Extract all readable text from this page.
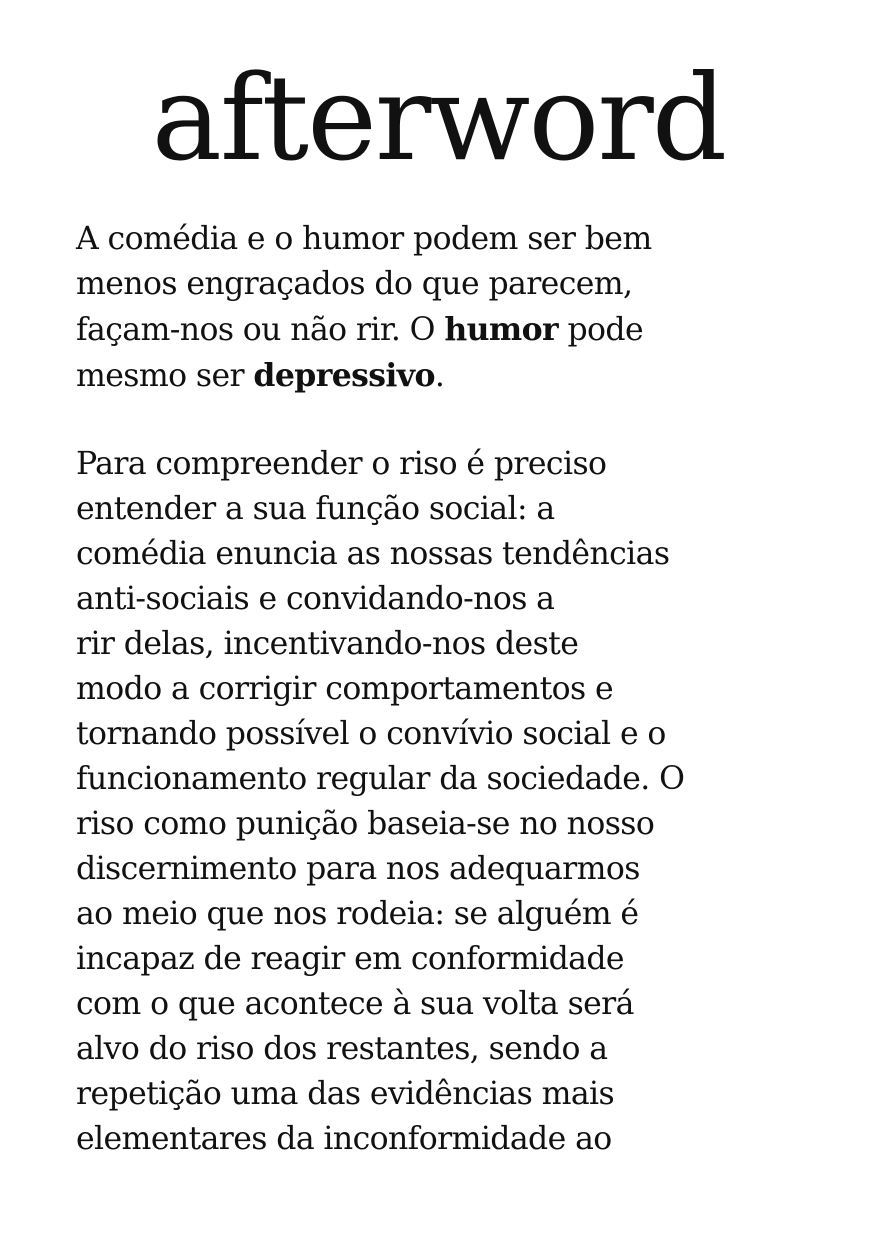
afterword
A comédia e o humor podem ser bem
menos engraçados do que parecem,
façam-nos ou não rir. O humor pode
mesmo ser depressivo.
Para compreender o riso é preciso
entender a sua função social: a
comédia enuncia as nossas tendências
anti-sociais e convidando-nos a
rir delas, incentivando-nos deste
modo a corrigir comportamentos e
tornando possível o convívio social e o
funcionamento regular da sociedade. O
riso como punição baseia-se no nosso
discernimento para nos adequarmos
ao meio que nos rodeia: se alguém é
incapaz de reagir em conformidade
com o que acontece à sua volta será
alvo do riso dos restantes, sendo a
repetição uma das evidências mais
elementares da inconformidade ao
